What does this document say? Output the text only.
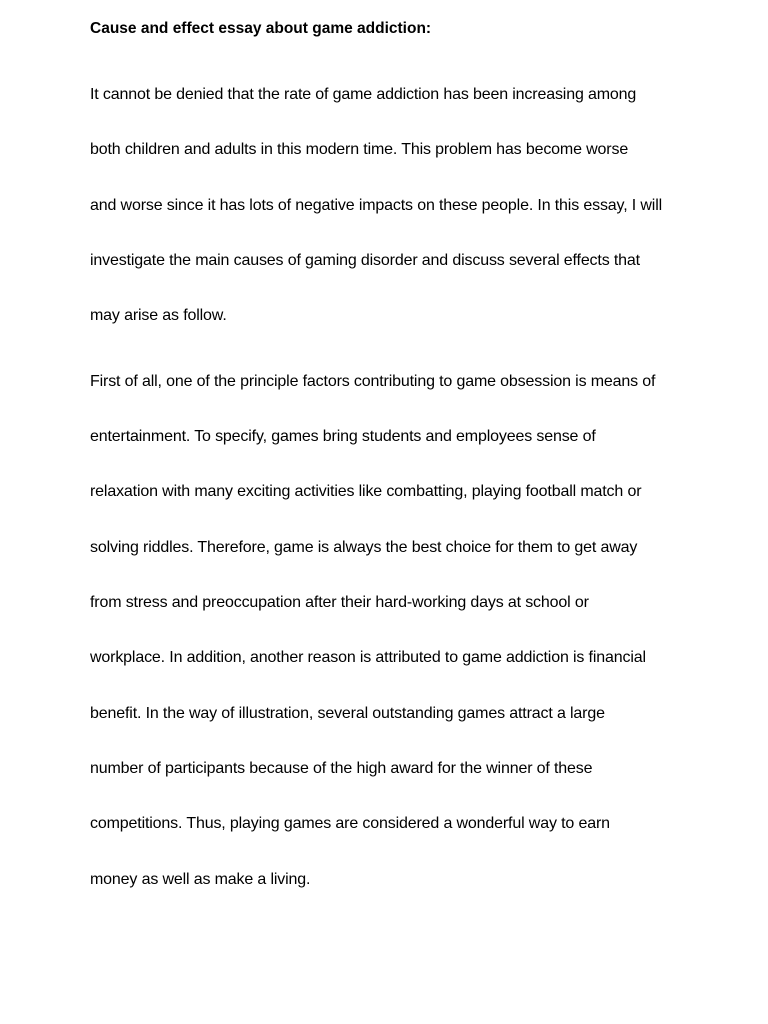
Cause and effect essay about game addiction:
It cannot be denied that the rate of game addiction has been increasing among
both children and adults in this modern time. This problem has become worse
and worse since it has lots of negative impacts on these people. In this essay, I will
investigate the main causes of gaming disorder and discuss several effects that
may arise as follow.
First of all, one of the principle factors contributing to game obsession is means of
entertainment. To specify, games bring students and employees sense of
relaxation with many exciting activities like combatting, playing football match or
solving riddles. Therefore, game is always the best choice for them to get away
from stress and preoccupation after their hard-working days at school or
workplace. In addition, another reason is attributed to game addiction is financial
benefit. In the way of illustration, several outstanding games attract a large
number of participants because of the high award for the winner of these
competitions. Thus, playing games are considered a wonderful way to earn
money as well as make a living.
